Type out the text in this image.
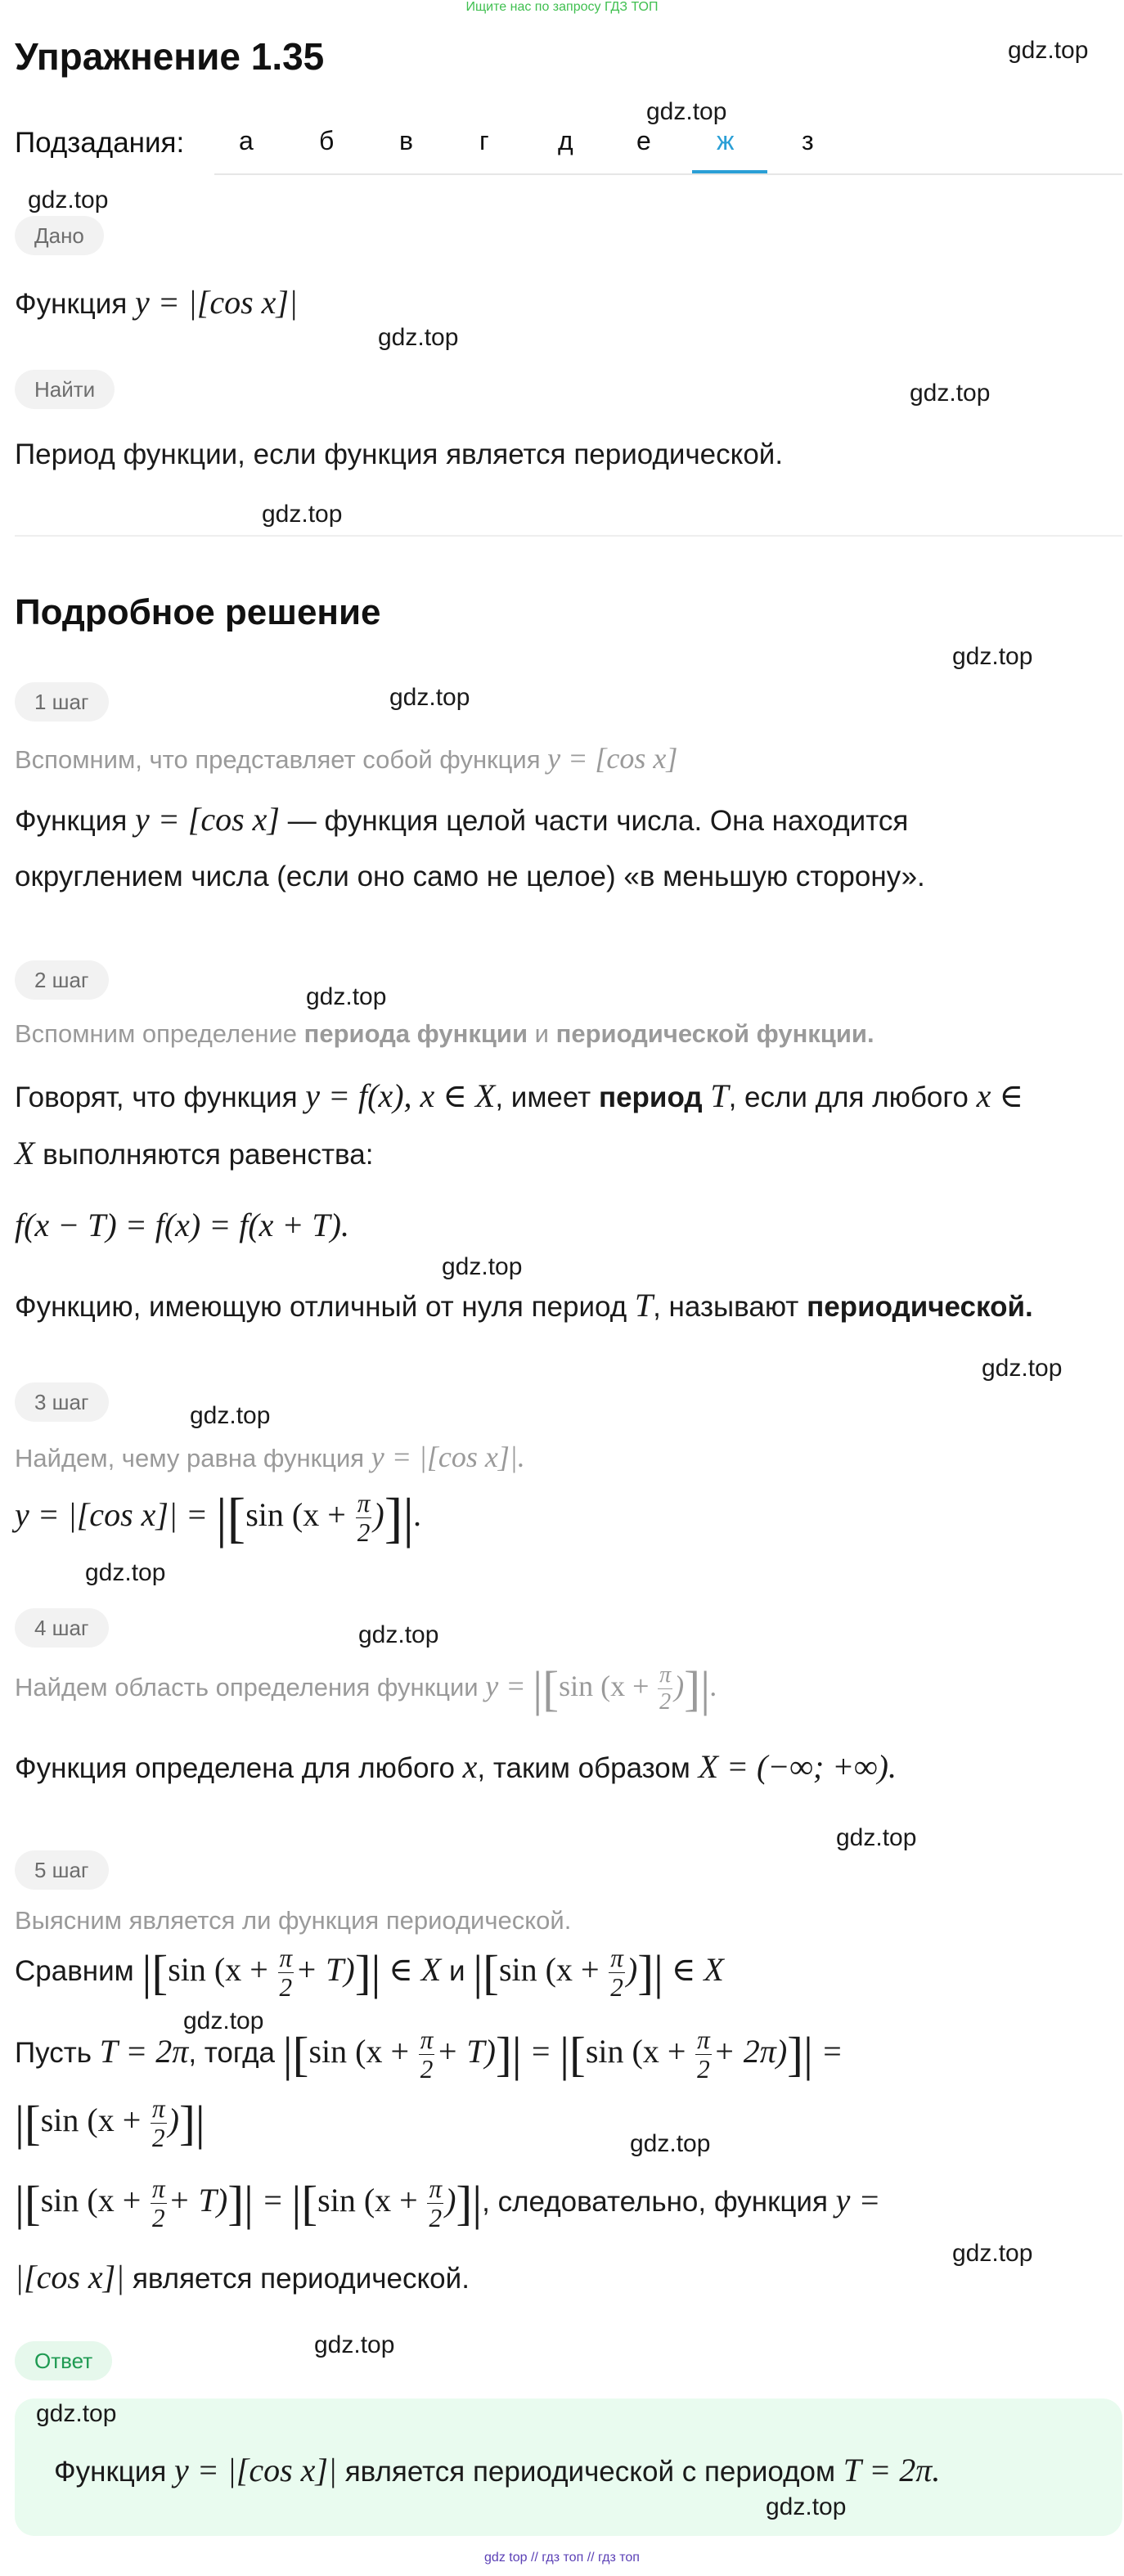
Ищите нас по запросу ГДЗ ТОП
Упражнение 1.35	gdz.top
Подзадания:
gdz.top
а	б в	г	д е	ж	з
gdz.top
Дано
Функция y = |[cos x]|
gdz.top
Найти	gdz.top
Период функции, если функция является периодической.
gdz.top
Подробное решение
gdz.top
1 шаг	gdz.top
Вспомним, что представляет собой функция y = [cos x]
Функция y = [cos x] — функция целой части числа. Она находится
округлением числа (если оно само не целое) «в меньшую сторону».
2 шаг
gdz.top
Вспомним определение периода функции и периодической функции.
Говорят, что функция y = f(x), x ∈ X, имеет период T, если для любого x ∈
X выполняются равенства:
f(x − T) = f(x) = f(x + T).
gdz.top
Функцию, имеющую отличный от нуля период T, называют периодической.
gdz.top
3 шаг	gdz.top
Найдем, чему равна функция y = |[cos x]|.
y = |[cos x]| = |[sin ($x + \frac{\pi}{2}$ )]|.
gdz.top
4 шаг	gdz.top
Найдем область определения функции y = |[sin ($x + \frac{\pi}{2}$ )]|.
Функция определена для любого x, таким образом X = (−∞; +∞).
gdz.top
5 шаг
Выясним является ли функция периодической.
Сравним |[sin $(x + \frac{\pi}{2} + T)]|$ ∈ X и |[sin ($x + \frac{\pi}{2}$ )]| ∈ X
gdz.top
Пусть T = 2π, тогда |[sin $(x + \frac{\pi}{2} + T)]| = |[\sin$ $(x + \frac{\pi}{2} + 2\pi)]|$ =
|[sin ($x + \frac{\pi}{2}$ )]|	gdz.top
|[sin $(x + \frac{\pi}{2} + T)]| = |[\sin$ ($x + \frac{\pi}{2}$ )]|, следовательно, функция y =
gdz.top
|[cos x]| является периодической.
Ответ
gdz.top
gdz.top
Функция y = |[cos x]| является периодической с периодом T = 2π.
gdz.top
gdz top // гдз топ // гдз топ
